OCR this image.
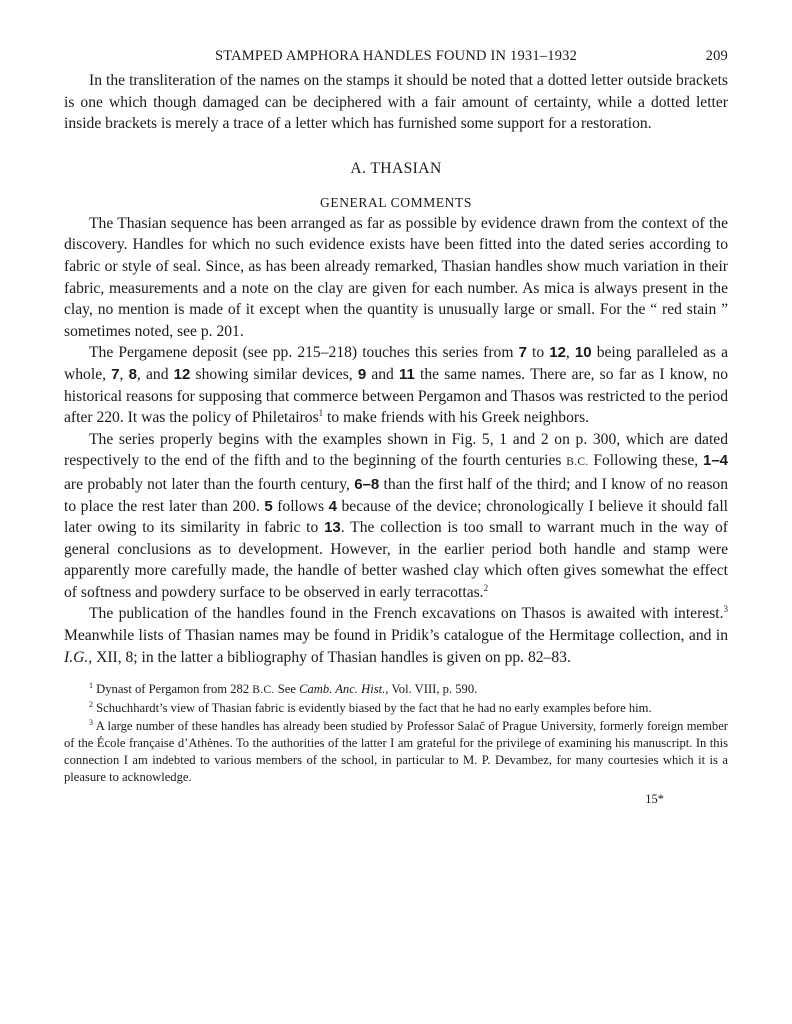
STAMPED AMPHORA HANDLES FOUND IN 1931–1932	209

In the transliteration of the names on the stamps it should be noted that a dotted letter outside brackets is one which though damaged can be deciphered with a fair amount of certainty, while a dotted letter inside brackets is merely a trace of a letter which has furnished some support for a restoration.

A. THASIAN
GENERAL COMMENTS

The Thasian sequence has been arranged as far as possible by evidence drawn from the context of the discovery. Handles for which no such evidence exists have been fitted into the dated series according to fabric or style of seal. Since, as has been already remarked, Thasian handles show much variation in their fabric, measurements and a note on the clay are given for each number. As mica is always present in the clay, no mention is made of it except when the quantity is unusually large or small. For the “ red stain ” sometimes noted, see p. 201.

The Pergamene deposit (see pp. 215–218) touches this series from 7 to 12, 10 being paralleled as a whole, 7, 8, and 12 showing similar devices, 9 and 11 the same names. There are, so far as I know, no historical reasons for supposing that commerce between Pergamon and Thasos was restricted to the period after 220. It was the policy of Philetairos$^1$ to make friends with his Greek neighbors.

The series properly begins with the examples shown in Fig. 5, 1 and 2 on p. 300, which are dated respectively to the end of the fifth and to the beginning of the fourth centuries B.C. Following these, 1–4 are probably not later than the fourth century, 6–8 than the first half of the third; and I know of no reason to place the rest later than 200. 5 follows 4 because of the device; chronologically I believe it should fall later owing to its similarity in fabric to 13. The collection is too small to warrant much in the way of general conclusions as to development. However, in the earlier period both handle and stamp were apparently more carefully made, the handle of better washed clay which often gives somewhat the effect of softness and powdery surface to be observed in early terracottas.$^2$

The publication of the handles found in the French excavations on Thasos is awaited with interest.$^3$ Meanwhile lists of Thasian names may be found in Pridik’s catalogue of the Hermitage collection, and in I.G., XII, 8; in the latter a bibliography of Thasian handles is given on pp. 82–83.

$^1$ Dynast of Pergamon from 282 B.C. See Camb. Anc. Hist., Vol. VIII, p. 590.

$^2$ Schuchhardt’s view of Thasian fabric is evidently biased by the fact that he had no early examples before him.

$^3$ A large number of these handles has already been studied by Professor Salač of Prague University, formerly foreign member of the École française d’Athènes. To the authorities of the latter I am grateful for the privilege of examining his manuscript. In this connection I am indebted to various members of the school, in particular to M. P. Devambez, for many courtesies which it is a pleasure to acknowledge.

15*
